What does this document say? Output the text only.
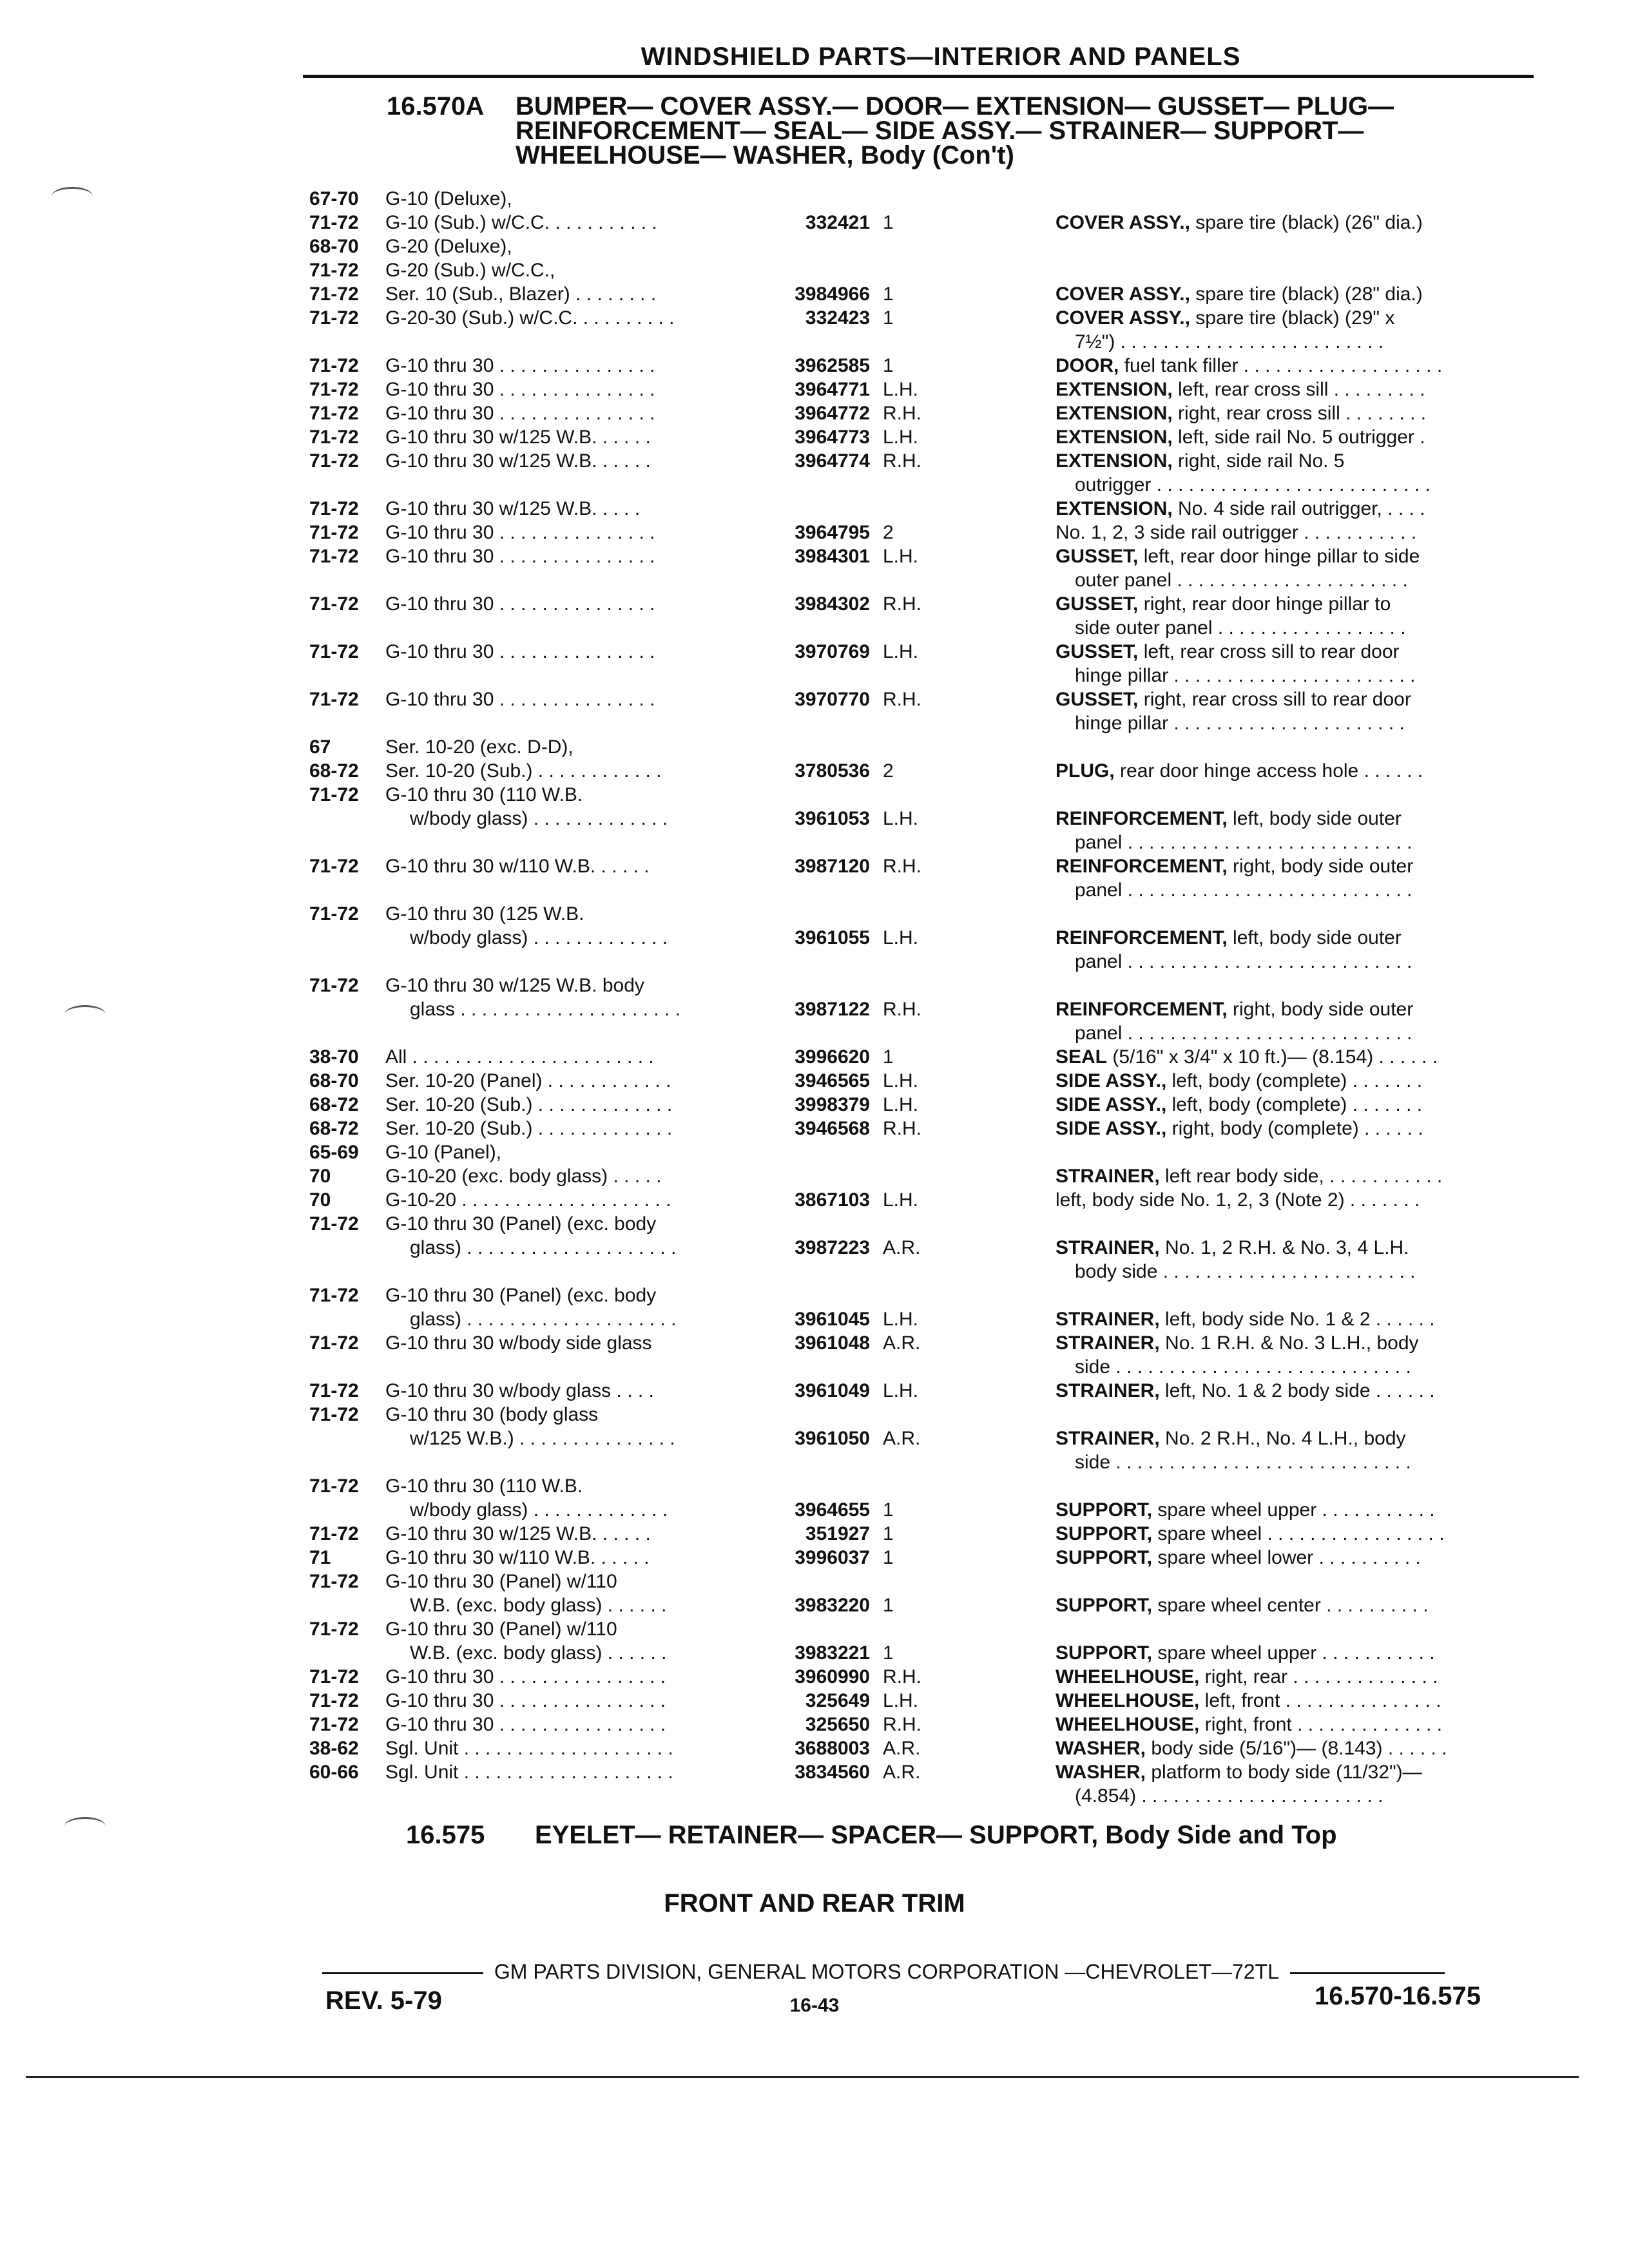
WINDSHIELD PARTS—INTERIOR AND PANELS
16.570A BUMPER— COVER ASSY.— DOOR— EXTENSION— GUSSET— PLUG—
REINFORCEMENT— SEAL— SIDE ASSY.— STRAINER— SUPPORT—
WHEELHOUSE— WASHER, Body (Con't)
67-70	G-10 (Deluxe),
71-72	G-10 (Sub.) w/C.C. . . . . . . . . . .	332421 1	COVER ASSY., spare tire (black) (26" dia.)
68-70	G-20 (Deluxe),
71-72	G-20 (Sub.) w/C.C.,
71-72	Ser. 10 (Sub., Blazer) . . . . . . . .	3984966 1	COVER ASSY., spare tire (black) (28" dia.)
71-72	G-20-30 (Sub.) w/C.C. . . . . . . . . .	332423 1	COVER ASSY., spare tire (black) (29" x
7½") . . . . . . . . . . . . . . . . . . . . . . . . .
71-72	G-10 thru 30 . . . . . . . . . . . . . . .	3962585 1	DOOR, fuel tank filler . . . . . . . . . . . . . . . . . . .
71-72	G-10 thru 30 . . . . . . . . . . . . . . .	3964771 L.H.	EXTENSION, left, rear cross sill . . . . . . . . .
71-72	G-10 thru 30 . . . . . . . . . . . . . . .	3964772 R.H.	EXTENSION, right, rear cross sill . . . . . . . .
71-72	G-10 thru 30 w/125 W.B. . . . . .	3964773 L.H.	EXTENSION, left, side rail No. 5 outrigger .
71-72	G-10 thru 30 w/125 W.B. . . . . .	3964774 R.H.	EXTENSION, right, side rail No. 5
outrigger . . . . . . . . . . . . . . . . . . . . . . . . . .
71-72	G-10 thru 30 w/125 W.B. . . . .	EXTENSION, No. 4 side rail outrigger, . . . .
71-72	G-10 thru 30 . . . . . . . . . . . . . . .	3964795 2	No. 1, 2, 3 side rail outrigger . . . . . . . . . . .
71-72	G-10 thru 30 . . . . . . . . . . . . . . .	3984301 L.H.	GUSSET, left, rear door hinge pillar to side
outer panel . . . . . . . . . . . . . . . . . . . . . .
71-72	G-10 thru 30 . . . . . . . . . . . . . . .	3984302 R.H.	GUSSET, right, rear door hinge pillar to
side outer panel . . . . . . . . . . . . . . . . . .
71-72	G-10 thru 30 . . . . . . . . . . . . . . .	3970769 L.H.	GUSSET, left, rear cross sill to rear door
hinge pillar . . . . . . . . . . . . . . . . . . . . . . .
71-72	G-10 thru 30 . . . . . . . . . . . . . . .	3970770 R.H.	GUSSET, right, rear cross sill to rear door
hinge pillar . . . . . . . . . . . . . . . . . . . . . .
67	Ser. 10-20 (exc. D-D),
68-72	Ser. 10-20 (Sub.) . . . . . . . . . . . .	3780536 2	PLUG, rear door hinge access hole . . . . . .
71-72	G-10 thru 30 (110 W.B.
w/body glass) . . . . . . . . . . . . .	3961053 L.H.	REINFORCEMENT, left, body side outer
panel . . . . . . . . . . . . . . . . . . . . . . . . . . .
71-72	G-10 thru 30 w/110 W.B. . . . . .	3987120 R.H.	REINFORCEMENT, right, body side outer
panel . . . . . . . . . . . . . . . . . . . . . . . . . . .
71-72	G-10 thru 30 (125 W.B.
w/body glass) . . . . . . . . . . . . .	3961055 L.H.	REINFORCEMENT, left, body side outer
panel . . . . . . . . . . . . . . . . . . . . . . . . . . .
71-72	G-10 thru 30 w/125 W.B. body
glass . . . . . . . . . . . . . . . . . . . . .	3987122 R.H.	REINFORCEMENT, right, body side outer
panel . . . . . . . . . . . . . . . . . . . . . . . . . . .
38-70	All . . . . . . . . . . . . . . . . . . . . . . .	3996620 1	SEAL (5/16" x 3/4" x 10 ft.)— (8.154) . . . . . .
68-70	Ser. 10-20 (Panel) . . . . . . . . . . . .	3946565 L.H.	SIDE ASSY., left, body (complete) . . . . . . .
68-72	Ser. 10-20 (Sub.) . . . . . . . . . . . . .	3998379 L.H.	SIDE ASSY., left, body (complete) . . . . . . .
68-72	Ser. 10-20 (Sub.) . . . . . . . . . . . . .	3946568 R.H.	SIDE ASSY., right, body (complete) . . . . . .
65-69	G-10 (Panel),
70	G-10-20 (exc. body glass) . . . . .	STRAINER, left rear body side, . . . . . . . . . . .
70	G-10-20 . . . . . . . . . . . . . . . . . . . .	3867103 L.H.	left, body side No. 1, 2, 3 (Note 2) . . . . . . .
71-72	G-10 thru 30 (Panel) (exc. body
glass) . . . . . . . . . . . . . . . . . . . .	3987223 A.R.	STRAINER, No. 1, 2 R.H. & No. 3, 4 L.H.
body side . . . . . . . . . . . . . . . . . . . . . . . .
71-72	G-10 thru 30 (Panel) (exc. body
glass) . . . . . . . . . . . . . . . . . . . .	3961045 L.H.	STRAINER, left, body side No. 1 & 2 . . . . . .
71-72	G-10 thru 30 w/body side glass	3961048 A.R.	STRAINER, No. 1 R.H. & No. 3 L.H., body
side . . . . . . . . . . . . . . . . . . . . . . . . . . . .
71-72	G-10 thru 30 w/body glass . . . .	3961049 L.H.	STRAINER, left, No. 1 & 2 body side . . . . . .
71-72	G-10 thru 30 (body glass
w/125 W.B.) . . . . . . . . . . . . . . .	3961050 A.R.	STRAINER, No. 2 R.H., No. 4 L.H., body
side . . . . . . . . . . . . . . . . . . . . . . . . . . . .
71-72	G-10 thru 30 (110 W.B.
w/body glass) . . . . . . . . . . . . .	3964655 1	SUPPORT, spare wheel upper . . . . . . . . . . .
71-72	G-10 thru 30 w/125 W.B. . . . . .	351927 1	SUPPORT, spare wheel . . . . . . . . . . . . . . . . .
71	G-10 thru 30 w/110 W.B. . . . . .	3996037 1	SUPPORT, spare wheel lower . . . . . . . . . .
71-72	G-10 thru 30 (Panel) w/110
W.B. (exc. body glass) . . . . . .	3983220 1	SUPPORT, spare wheel center . . . . . . . . . .
71-72	G-10 thru 30 (Panel) w/110
W.B. (exc. body glass) . . . . . .	3983221 1	SUPPORT, spare wheel upper . . . . . . . . . . .
71-72	G-10 thru 30 . . . . . . . . . . . . . . . .	3960990 R.H.	WHEELHOUSE, right, rear . . . . . . . . . . . . . .
71-72	G-10 thru 30 . . . . . . . . . . . . . . . .	325649 L.H.	WHEELHOUSE, left, front . . . . . . . . . . . . . . .
71-72	G-10 thru 30 . . . . . . . . . . . . . . . .	325650 R.H.	WHEELHOUSE, right, front . . . . . . . . . . . . . .
38-62	Sgl. Unit . . . . . . . . . . . . . . . . . . . .	3688003 A.R.	WASHER, body side (5/16")— (8.143) . . . . . .
60-66	Sgl. Unit . . . . . . . . . . . . . . . . . . . .	3834560 A.R.	WASHER, platform to body side (11/32")—
(4.854) . . . . . . . . . . . . . . . . . . . . . . .
16.575 EYELET— RETAINER— SPACER— SUPPORT, Body Side and Top
FRONT AND REAR TRIM
GM PARTS DIVISION, GENERAL MOTORS CORPORATION —CHEVROLET—72TL
REV. 5-79	16-43	16.570-16.575
